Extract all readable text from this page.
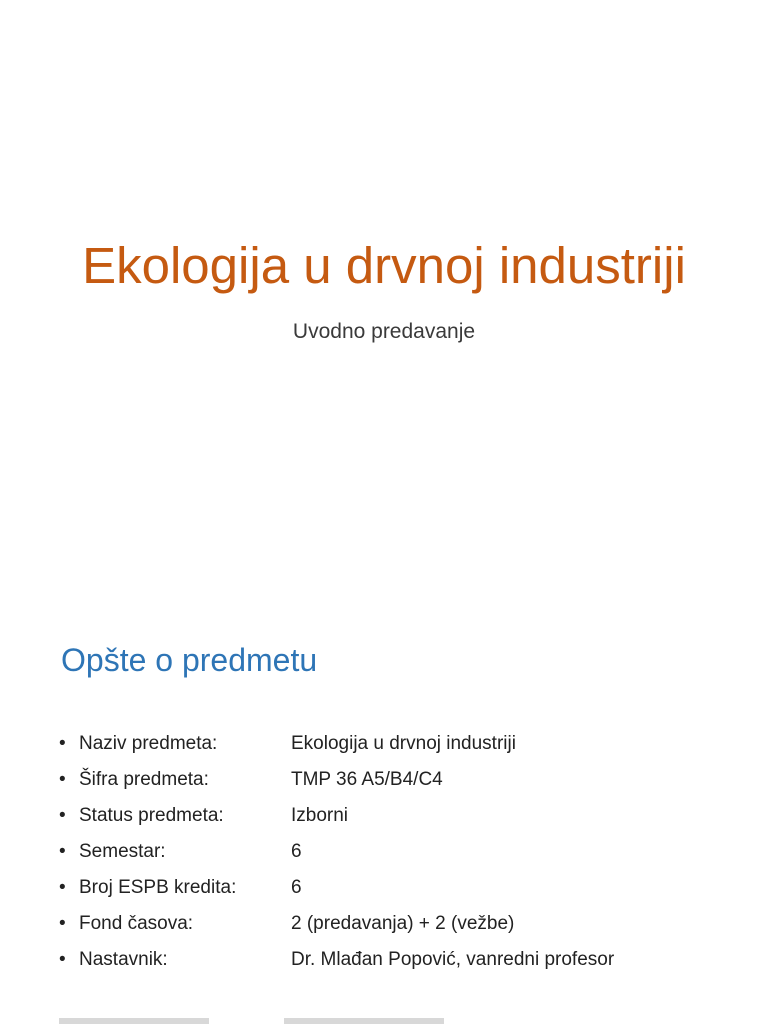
Ekologija u drvnoj industriji
Uvodno predavanje
Opšte o predmetu
• Naziv predmeta:	Ekologija u drvnoj industriji
• Šifra predmeta:	TMP 36 A5/B4/C4
• Status predmeta:	Izborni
• Semestar:	6
• Broj ESPB kredita:	6
• Fond časova:	2 (predavanja) + 2 (vežbe)
• Nastavnik:	Dr. Mlađan Popović, vanredni profesor
